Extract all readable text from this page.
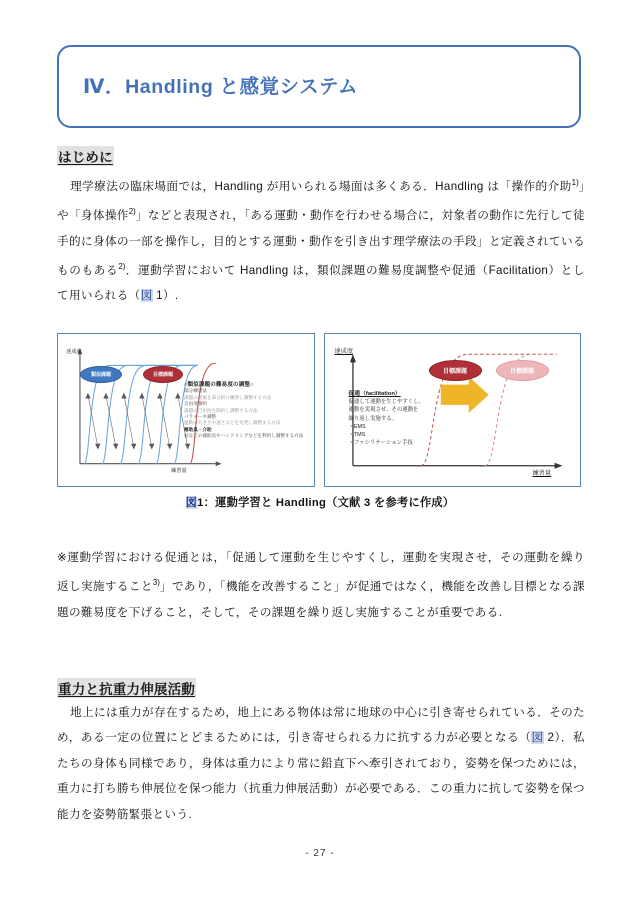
Ⅳ．Handling と感覚システム
はじめに
理学療法の臨床場面では，Handling が用いられる場面は多くある．Handling は「操作的介助$^{1)}$」や「身体操作$^{2)}$」などと表現され，「ある運動・動作を行わせる場合に，対象者の動作に先行して徒手的に身体の一部を操作し，目的とする運動・動作を引き出す理学療法の手段」と定義されているものもある$^{2)}$．運動学習において Handling は，類似課題の難易度調整や促通（Facilitation）として用いられる（図 1）.
達成度
練習量
類似課題	目標課題
○類似課題の難易度の調整○
部分練習法
課題の要素を部分的に練習し調整する方法
自由度制約
課題の自由度を制約し調整する方法
パラメータ調整
運動の大きさや速さなどを変更し調整する方法
補助具・介助
杖などの補助具やハンドリングなどを利用し調整する方法
達成度
練習量
目標課題	目標課題
促通（facilitation）
促通して運動を生じやすくし、
運動を実現させ、その運動を
繰り返し実施する。
・EMS
・TMS
・ファシリテーション手技
図1：運動学習と Handling（文献 3 を参考に作成）
※運動学習における促通とは，「促通して運動を生じやすくし，運動を実現させ，その運動を繰り返し実施すること$^{3)}$」であり，「機能を改善すること」が促通ではなく，機能を改善し目標となる課題の難易度を下げること，そして，その課題を繰り返し実施することが重要である.
重力と抗重力伸展活動
地上には重力が存在するため，地上にある物体は常に地球の中心に引き寄せられている．そのため，ある一定の位置にとどまるためには，引き寄せられる力に抗する力が必要となる（図 2）．私たちの身体も同様であり，身体は重力により常に鉛直下へ牽引されており，姿勢を保つためには，重力に打ち勝ち伸展位を保つ能力（抗重力伸展活動）が必要である．この重力に抗して姿勢を保つ能力を姿勢筋緊張という.
- 27 -
